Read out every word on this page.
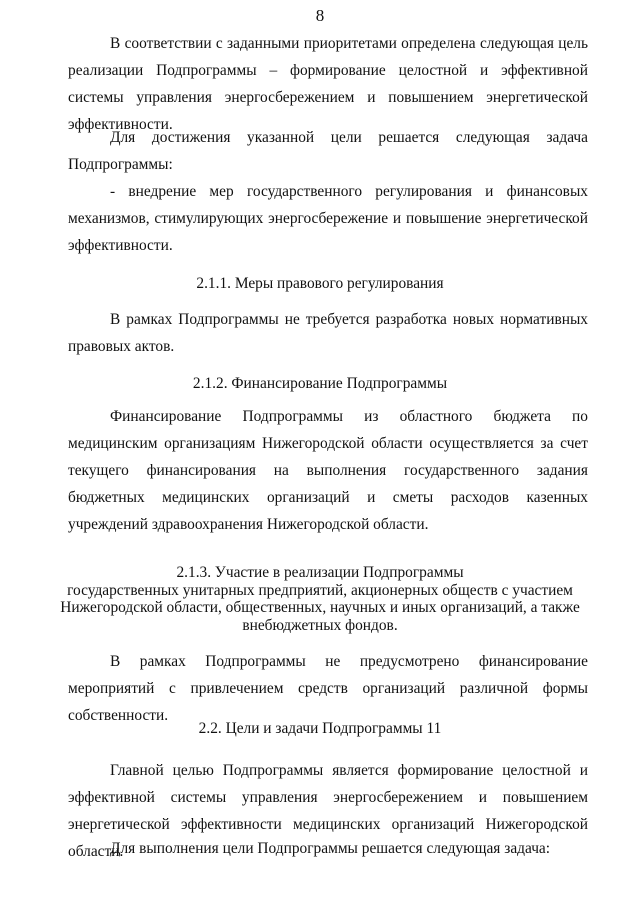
8

В соответствии с заданными приоритетами определена следующая цель реализации Подпрограммы – формирование целостной и эффективной системы управления энергосбережением и повышением энергетической эффективности.

Для достижения указанной цели решается следующая задача Подпрограммы:

- внедрение мер государственного регулирования и финансовых механизмов, стимулирующих энергосбережение и повышение энергетической эффективности.

2.1.1. Меры правового регулирования

В рамках Подпрограммы не требуется разработка новых нормативных правовых актов.

2.1.2. Финансирование Подпрограммы

Финансирование Подпрограммы из областного бюджета по медицинским организациям Нижегородской области осуществляется за счет текущего финансирования на выполнения государственного задания бюджетных медицинских организаций и сметы расходов казенных учреждений здравоохранения Нижегородской области.

2.1.3. Участие в реализации Подпрограммы
государственных унитарных предприятий, акционерных обществ с участием
Нижегородской области, общественных, научных и иных организаций, а также
внебюджетных фондов.

В рамках Подпрограммы не предусмотрено финансирование мероприятий с привлечением средств организаций различной формы собственности.

2.2. Цели и задачи Подпрограммы 11

Главной целью Подпрограммы является формирование целостной и эффективной системы управления энергосбережением и повышением энергетической эффективности медицинских организаций Нижегородской области.

Для выполнения цели Подпрограммы решается следующая задача:
